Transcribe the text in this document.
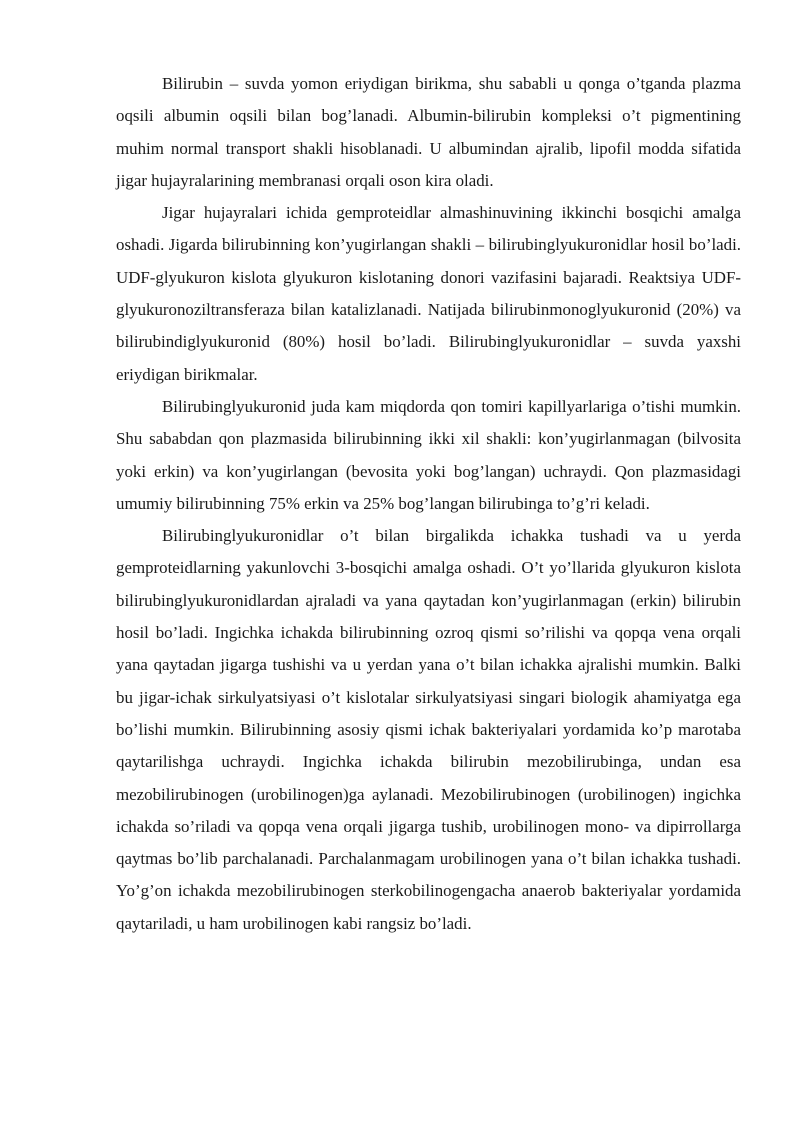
Bilirubin – suvda yomon eriydigan birikma, shu sababli u qonga o’tganda plazma oqsili albumin oqsili bilan bog’lanadi. Albumin-bilirubin kompleksi o’t pigmentining muhim normal transport shakli hisoblanadi. U albumindan ajralib, lipofil modda sifatida jigar hujayralarining membranasi orqali oson kira oladi.

Jigar hujayralari ichida gemproteidlar almashinuvining ikkinchi bosqichi amalga oshadi. Jigarda bilirubinning kon’yugirlangan shakli – bilirubinglyukuronidlar hosil bo’ladi. UDF-glyukuron kislota glyukuron kislotaning donori vazifasini bajaradi. Reaktsiya UDF-glyukuronoziltransferaza bilan katalizlanadi. Natijada bilirubinmonoglyukuronid (20%) va bilirubindiglyukuronid (80%) hosil bo’ladi. Bilirubinglyukuronidlar – suvda yaxshi eriydigan birikmalar.

Bilirubinglyukuronid juda kam miqdorda qon tomiri kapillyarlariga o’tishi mumkin. Shu sababdan qon plazmasida bilirubinning ikki xil shakli: kon’yugirlanmagan (bilvosita yoki erkin) va kon’yugirlangan (bevosita yoki bog’langan) uchraydi. Qon plazmasidagi umumiy bilirubinning 75% erkin va 25% bog’langan bilirubinga to’g’ri keladi.

Bilirubinglyukuronidlar o’t bilan birgalikda ichakka tushadi va u yerda gemproteidlarning yakunlovchi 3-bosqichi amalga oshadi. O’t yo’llarida glyukuron kislota bilirubinglyukuronidlardan ajraladi va yana qaytadan kon’yugirlanmagan (erkin) bilirubin hosil bo’ladi. Ingichka ichakda bilirubinning ozroq qismi so’rilishi va qopqa vena orqali yana qaytadan jigarga tushishi va u yerdan yana o’t bilan ichakka ajralishi mumkin. Balki bu jigar-ichak sirkulyatsiyasi o’t kislotalar sirkulyatsiyasi singari biologik ahamiyatga ega bo’lishi mumkin. Bilirubinning asosiy qismi ichak bakteriyalari yordamida ko’p marotaba qaytarilishga uchraydi. Ingichka ichakda bilirubin mezobilirubinga, undan esa mezobilirubinogen (urobilinogen)ga aylanadi. Mezobilirubinogen (urobilinogen) ingichka ichakda so’riladi va qopqa vena orqali jigarga tushib, urobilinogen mono- va dipirrollarga qaytmas bo’lib parchalanadi. Parchalanmagam urobilinogen yana o’t bilan ichakka tushadi. Yo’g’on ichakda mezobilirubinogen sterkobilinogengacha anaerob bakteriyalar yordamida qaytariladi, u ham urobilinogen kabi rangsiz bo’ladi.
